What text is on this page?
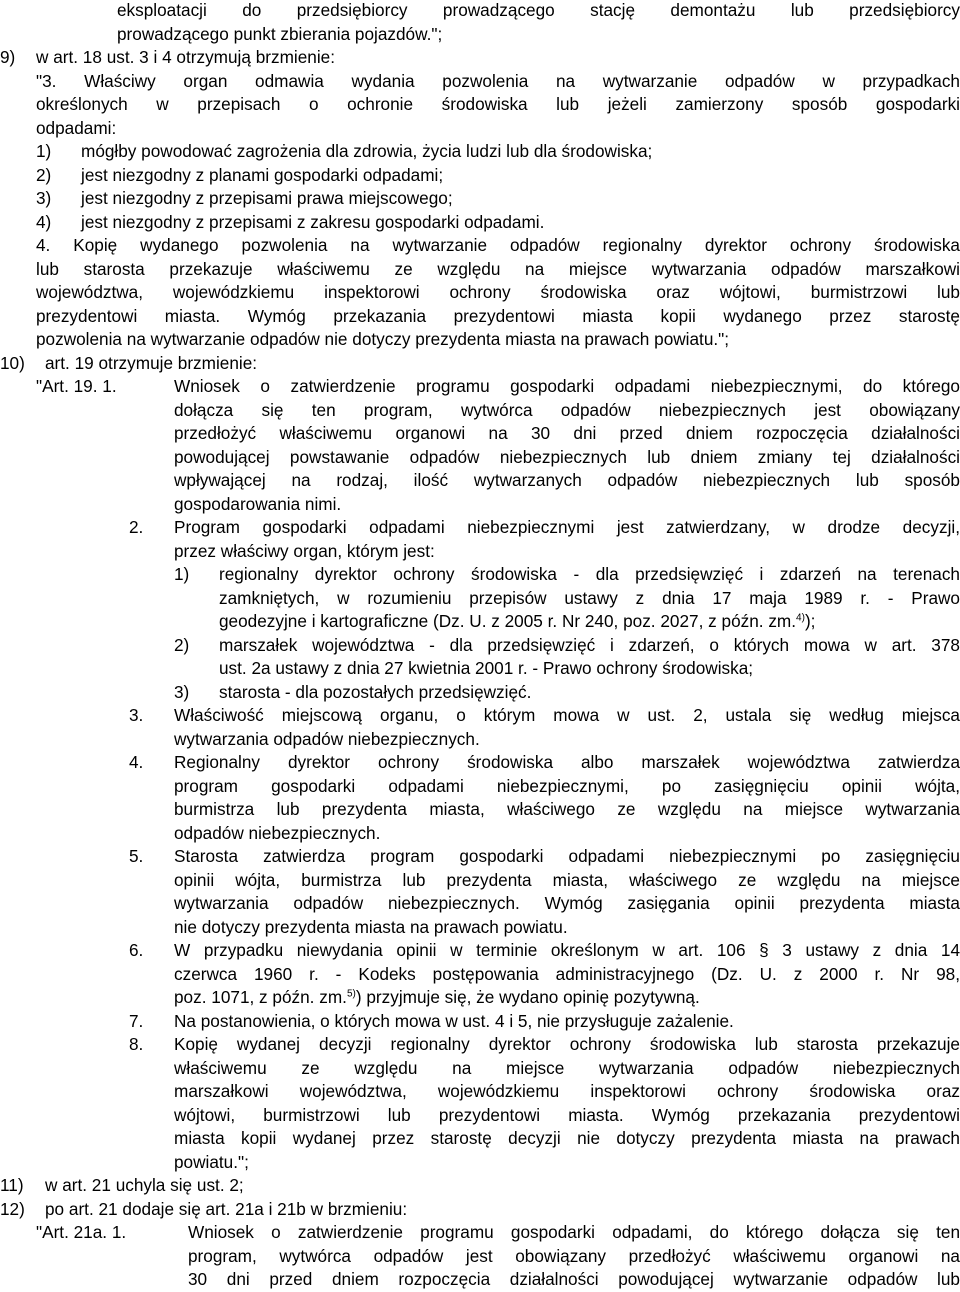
eksploatacji do przedsiębiorcy prowadzącego stację demontażu lub przedsiębiorcy
prowadzącego punkt zbierania pojazdów.";
9)	w art. 18 ust. 3 i 4 otrzymują brzmienie:
"3. Właściwy organ odmawia wydania pozwolenia na wytwarzanie odpadów w przypadkach
określonych w przepisach o ochronie środowiska lub jeżeli zamierzony sposób gospodarki
odpadami:
1)	mógłby powodować zagrożenia dla zdrowia, życia ludzi lub dla środowiska;
2)	jest niezgodny z planami gospodarki odpadami;
3)	jest niezgodny z przepisami prawa miejscowego;
4)	jest niezgodny z przepisami z zakresu gospodarki odpadami.
4. Kopię wydanego pozwolenia na wytwarzanie odpadów regionalny dyrektor ochrony środowiska
lub starosta przekazuje właściwemu ze względu na miejsce wytwarzania odpadów marszałkowi
województwa, wojewódzkiemu inspektorowi ochrony środowiska oraz wójtowi, burmistrzowi lub
prezydentowi miasta. Wymóg przekazania prezydentowi miasta kopii wydanego przez starostę
pozwolenia na wytwarzanie odpadów nie dotyczy prezydenta miasta na prawach powiatu.";
10)	art. 19 otrzymuje brzmienie:
"Art. 19. 1.	Wniosek o zatwierdzenie programu gospodarki odpadami niebezpiecznymi, do którego
dołącza się ten program, wytwórca odpadów niebezpiecznych jest obowiązany
przedłożyć właściwemu organowi na 30 dni przed dniem rozpoczęcia działalności
powodującej powstawanie odpadów niebezpiecznych lub dniem zmiany tej działalności
wpływającej na rodzaj, ilość wytwarzanych odpadów niebezpiecznych lub sposób
gospodarowania nimi.
2.	Program gospodarki odpadami niebezpiecznymi jest zatwierdzany, w drodze decyzji,
przez właściwy organ, którym jest:
1)	regionalny dyrektor ochrony środowiska - dla przedsięwzięć i zdarzeń na terenach
zamkniętych, w rozumieniu przepisów ustawy z dnia 17 maja 1989 r. - Prawo
geodezyjne i kartograficzne (Dz. U. z 2005 r. Nr 240, poz. 2027, z późn. zm.$^{4)}$);
2)	marszałek województwa - dla przedsięwzięć i zdarzeń, o których mowa w art. 378
ust. 2a ustawy z dnia 27 kwietnia 2001 r. - Prawo ochrony środowiska;
3)	starosta - dla pozostałych przedsięwzięć.
3.	Właściwość miejscową organu, o którym mowa w ust. 2, ustala się według miejsca
wytwarzania odpadów niebezpiecznych.
4.	Regionalny dyrektor ochrony środowiska albo marszałek województwa zatwierdza
program gospodarki odpadami niebezpiecznymi, po zasięgnięciu opinii wójta,
burmistrza lub prezydenta miasta, właściwego ze względu na miejsce wytwarzania
odpadów niebezpiecznych.
5.	Starosta zatwierdza program gospodarki odpadami niebezpiecznymi po zasięgnięciu
opinii wójta, burmistrza lub prezydenta miasta, właściwego ze względu na miejsce
wytwarzania odpadów niebezpiecznych. Wymóg zasięgania opinii prezydenta miasta
nie dotyczy prezydenta miasta na prawach powiatu.
6.	W przypadku niewydania opinii w terminie określonym w art. 106 § 3 ustawy z dnia 14
czerwca 1960 r. - Kodeks postępowania administracyjnego (Dz. U. z 2000 r. Nr 98,
poz. 1071, z późn. zm.$^{5)}$) przyjmuje się, że wydano opinię pozytywną.
7.	Na postanowienia, o których mowa w ust. 4 i 5, nie przysługuje zażalenie.
8.	Kopię wydanej decyzji regionalny dyrektor ochrony środowiska lub starosta przekazuje
właściwemu ze względu na miejsce wytwarzania odpadów niebezpiecznych
marszałkowi województwa, wojewódzkiemu inspektorowi ochrony środowiska oraz
wójtowi, burmistrzowi lub prezydentowi miasta. Wymóg przekazania prezydentowi
miasta kopii wydanej przez starostę decyzji nie dotyczy prezydenta miasta na prawach
powiatu.";
11)	w art. 21 uchyla się ust. 2;
12)	po art. 21 dodaje się art. 21a i 21b w brzmieniu:
"Art. 21a. 1.	Wniosek o zatwierdzenie programu gospodarki odpadami, do którego dołącza się ten
program, wytwórca odpadów jest obowiązany przedłożyć właściwemu organowi na
30 dni przed dniem rozpoczęcia działalności powodującej wytwarzanie odpadów lub
